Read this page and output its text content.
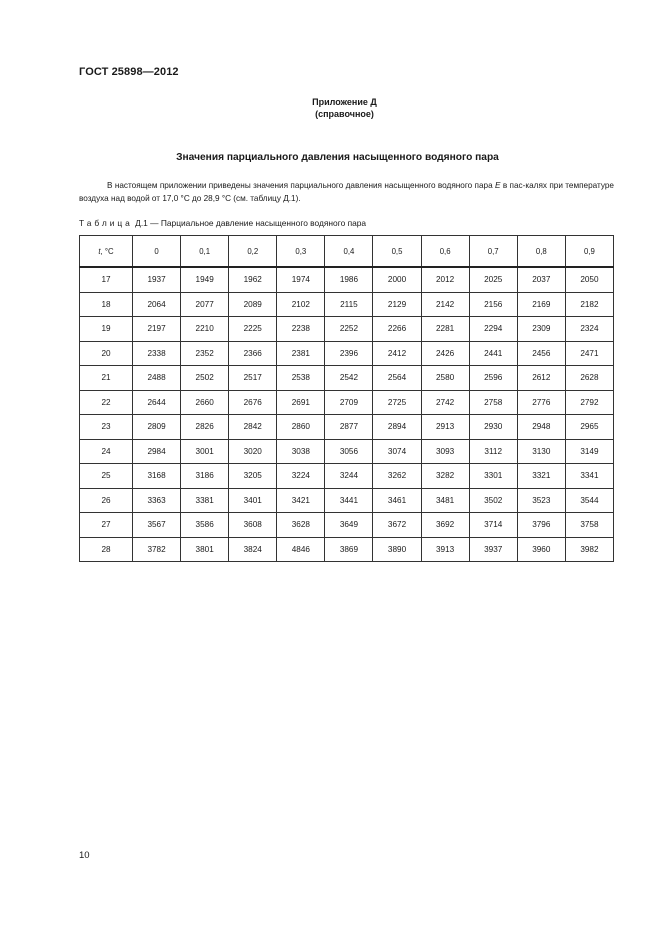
ГОСТ 25898—2012
Приложение Д
(справочное)
Значения парциального давления насыщенного водяного пара
В настоящем приложении приведены значения парциального давления насыщенного водяного пара E в пас-калях при температуре воздуха над водой от 17,0 °С до 28,9 °С (см. таблицу Д.1).
Таблица Д.1 — Парциальное давление насыщенного водяного пара
t, °С	0	0,1	0,2	0,3	0,4	0,5	0,6	0,7	0,8	0,9
17	1937	1949	1962	1974	1986	2000	2012	2025	2037	2050
18	2064	2077	2089	2102	2115	2129	2142	2156	2169	2182
19	2197	2210	2225	2238	2252	2266	2281	2294	2309	2324
20	2338	2352	2366	2381	2396	2412	2426	2441	2456	2471
21	2488	2502	2517	2538	2542	2564	2580	2596	2612	2628
22	2644	2660	2676	2691	2709	2725	2742	2758	2776	2792
23	2809	2826	2842	2860	2877	2894	2913	2930	2948	2965
24	2984	3001	3020	3038	3056	3074	3093	3112	3130	3149
25	3168	3186	3205	3224	3244	3262	3282	3301	3321	3341
26	3363	3381	3401	3421	3441	3461	3481	3502	3523	3544
27	3567	3586	3608	3628	3649	3672	3692	3714	3796	3758
28	3782	3801	3824	4846	3869	3890	3913	3937	3960	3982
10
